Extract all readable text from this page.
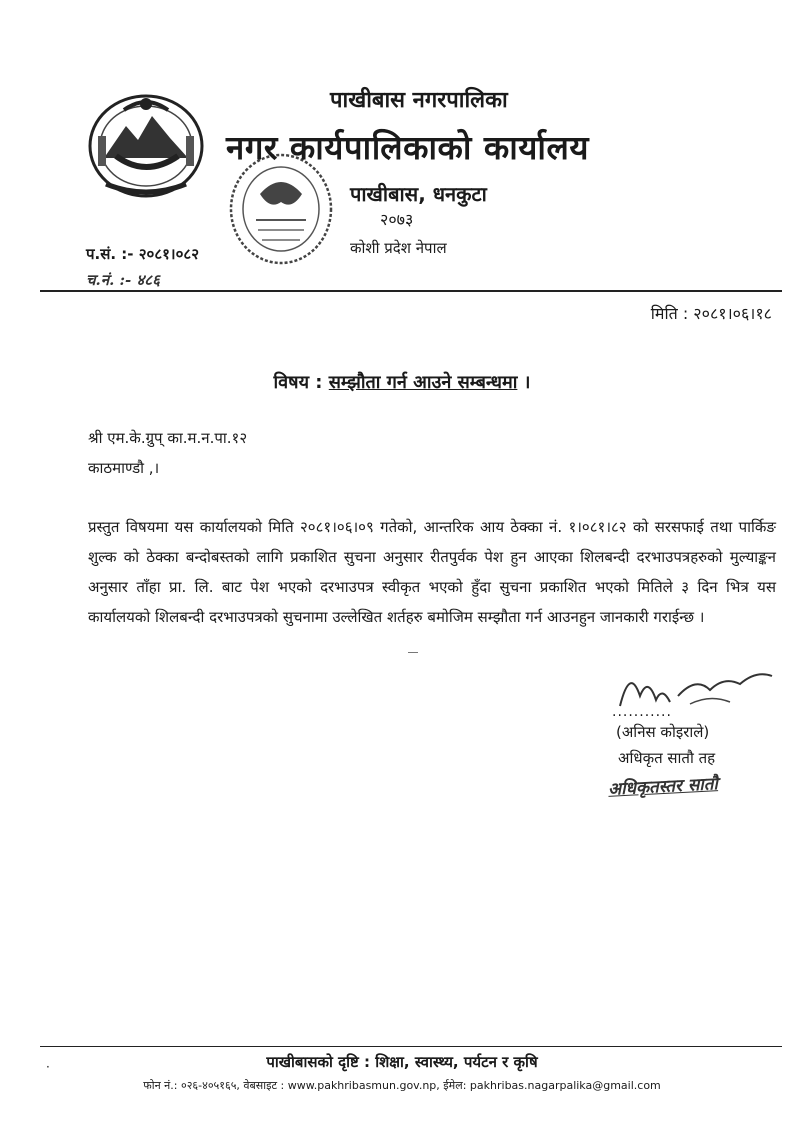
पाखीबास नगरपालिका
नगर कार्यपालिकाको कार्यालय
पाखीबास, धनकुटा
२०७३
कोशी प्रदेश नेपाल
प.सं. :- २०८१।०८२
च.नं. :- ४८६
मिति : २०८१।०६।१८
विषय : सम्झौता गर्न आउने सम्बन्धमा ।
श्री एम.के.ग्रुप् का.म.न.पा.१२
काठमाण्डौ ,।
प्रस्तुत विषयमा यस कार्यालयको मिति २०८१।०६।०९ गतेको, आन्तरिक आय ठेक्का नं. १।०८१।८२ को सरसफाई तथा पार्किङ शुल्क को ठेक्का बन्दोबस्तको लागि प्रकाशित सुचना अनुसार रीतपुर्वक पेश हुन आएका शिलबन्दी दरभाउपत्रहरुको मुल्याङ्कन अनुसार ताँहा प्रा. लि. बाट पेश भएको दरभाउपत्र स्वीकृत भएको हुँदा सुचना प्रकाशित भएको मितिले ३ दिन भित्र यस कार्यालयको शिलबन्दी दरभाउपत्रको सुचनामा उल्लेखित शर्तहरु बमोजिम सम्झौता गर्न आउनहुन जानकारी गराईन्छ ।
...........
(अनिस कोइराले)
अधिकृत सातौ तह
अधिकृतस्तर सातौ
·	पाखीबासको दृष्टि : शिक्षा, स्वास्थ्य, पर्यटन र कृषि
फोन नं.: ०२६-४०५१६५, वेबसाइट : www.pakhribasmun.gov.np, ईमेल: pakhribas.nagarpalika@gmail.com
